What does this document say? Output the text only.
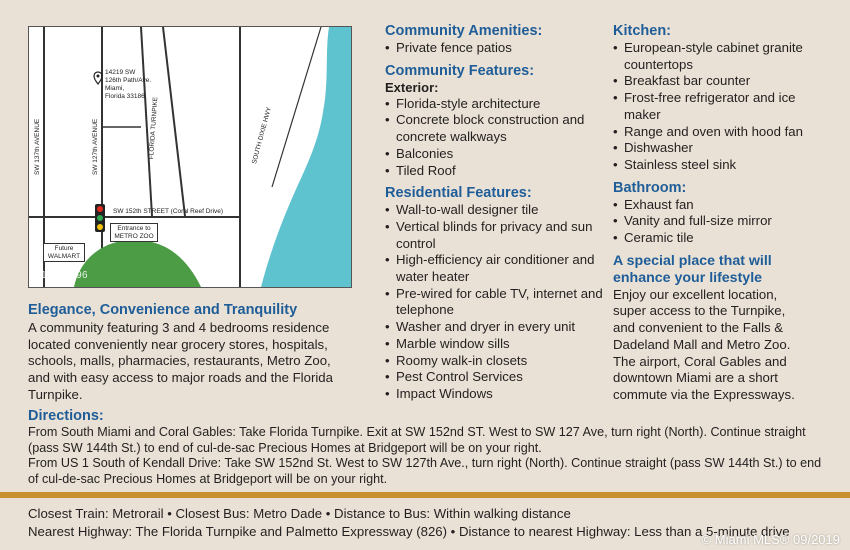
SW 137th AVENUE	SW 127th AVENUE	FLORIDA TURNPIKE	SOUTH DIXIE HWY
SW 152th STREET (Coral Reef Drive)
14219 SW
126th Path/Ave.
Miami,
Florida 33186
Entrance to
METRO ZOO
Future
WALMART
A10746496
Elegance, Convenience and Tranquility
A community featuring 3 and 4 bedrooms residence located conveniently near grocery stores, hospitals, schools, malls, pharmacies, restaurants, Metro Zoo, and with easy access to major roads and the Florida Turnpike.
Community Amenities:
• Private fence patios
Community Features:
Exterior:
• Florida-style architecture
• Concrete block construction and concrete walkways
• Balconies
• Tiled Roof
Residential Features:
• Wall-to-wall designer tile
• Vertical blinds for privacy and sun control
• High-efficiency air conditioner and water heater
• Pre-wired for cable TV, internet and telephone
• Washer and dryer in every unit
• Marble window sills
• Roomy walk-in closets
• Pest Control Services
• Impact Windows
Kitchen:
• European-style cabinet granite countertops
• Breakfast bar counter
• Frost-free refrigerator and ice maker
• Range and oven with hood fan
• Dishwasher
• Stainless steel sink
Bathroom:
• Exhaust fan
• Vanity and full-size mirror
• Ceramic tile
A special place that will
enhance your lifestyle
Enjoy our excellent location, super access to the Turnpike, and convenient to the Falls & Dadeland Mall and Metro Zoo. The airport, Coral Gables and downtown Miami are a short commute via the Expressways.
Directions:
From South Miami and Coral Gables: Take Florida Turnpike. Exit at SW 152nd ST. West to SW 127 Ave, turn right (North). Continue straight (pass SW 144th St.) to end of cul-de-sac Precious Homes at Bridgeport will be on your right.
From US 1 South of Kendall Drive: Take SW 152nd St. West to SW 127th Ave., turn right (North). Continue straight (pass SW 144th St.) to end of cul-de-sac Precious Homes at Bridgeport will be on your right.
Closest Train: Metrorail • Closest Bus: Metro Dade • Distance to Bus: Within walking distance
Nearest Highway: The Florida Turnpike and Palmetto Expressway (826) • Distance to nearest Highway: Less than a 5-minute drive
© Miami MLS® 09/2019
